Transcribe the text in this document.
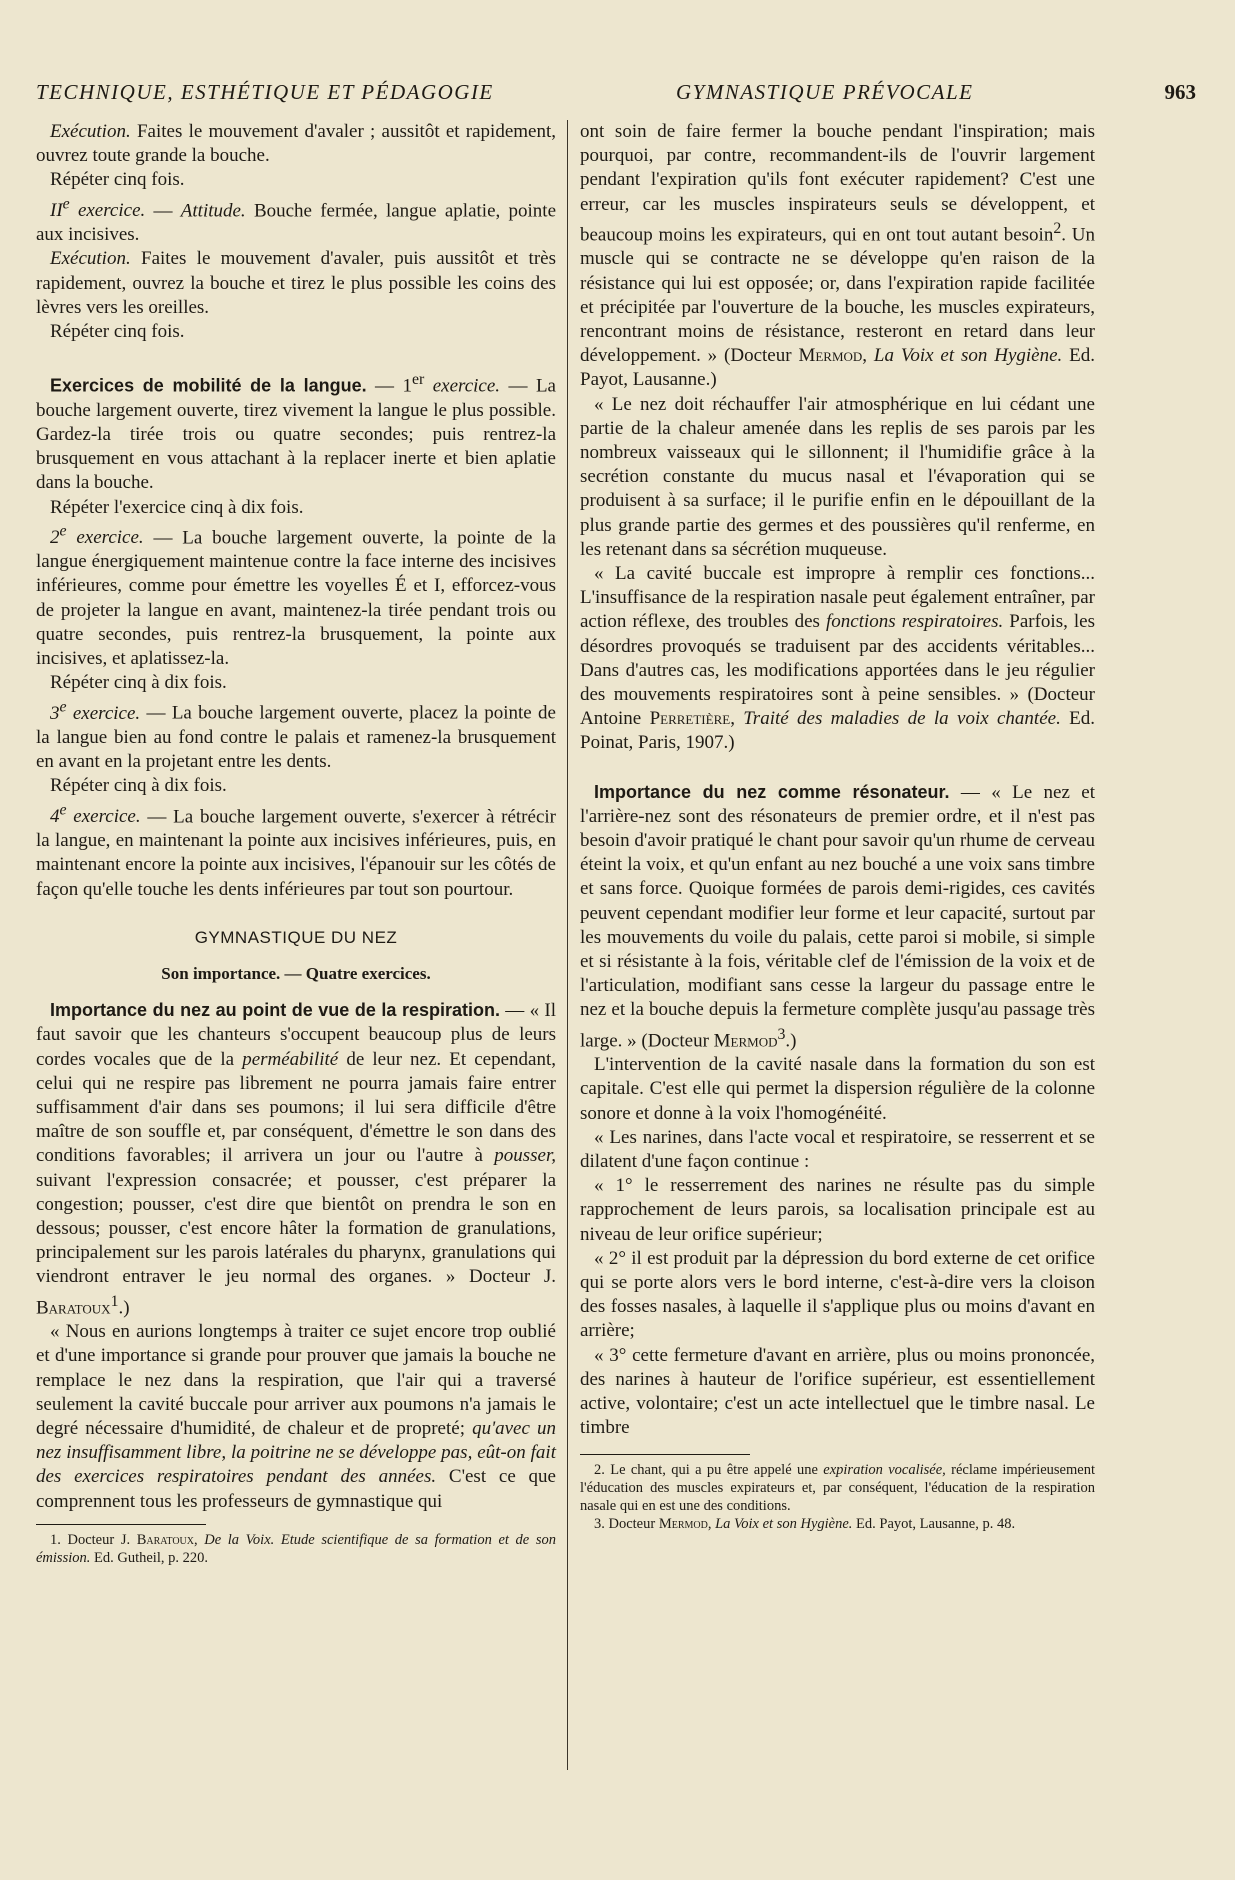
TECHNIQUE, ESTHÉTIQUE ET PÉDAGOGIE	GYMNASTIQUE PRÉVOCALE	963

Exécution. Faites le mouvement d'avaler ; aussitôt et rapidement, ouvrez toute grande la bouche.

Répéter cinq fois.

IIe exercice. — Attitude. Bouche fermée, langue aplatie, pointe aux incisives.

Exécution. Faites le mouvement d'avaler, puis aussitôt et très rapidement, ouvrez la bouche et tirez le plus possible les coins des lèvres vers les oreilles.

Répéter cinq fois.

Exercices de mobilité de la langue. — 1er exercice. — La bouche largement ouverte, tirez vivement la langue le plus possible. Gardez-la tirée trois ou quatre secondes; puis rentrez-la brusquement en vous attachant à la replacer inerte et bien aplatie dans la bouche.

Répéter l'exercice cinq à dix fois.

2e exercice. — La bouche largement ouverte, la pointe de la langue énergiquement maintenue contre la face interne des incisives inférieures, comme pour émettre les voyelles É et I, efforcez-vous de projeter la langue en avant, maintenez-la tirée pendant trois ou quatre secondes, puis rentrez-la brusquement, la pointe aux incisives, et aplatissez-la.

Répéter cinq à dix fois.

3e exercice. — La bouche largement ouverte, placez la pointe de la langue bien au fond contre le palais et ramenez-la brusquement en avant en la projetant entre les dents.

Répéter cinq à dix fois.

4e exercice. — La bouche largement ouverte, s'exercer à rétrécir la langue, en maintenant la pointe aux incisives inférieures, puis, en maintenant encore la pointe aux incisives, l'épanouir sur les côtés de façon qu'elle touche les dents inférieures par tout son pourtour.

GYMNASTIQUE DU NEZ

Son importance. — Quatre exercices.

Importance du nez au point de vue de la respiration. — « Il faut savoir que les chanteurs s'occupent beaucoup plus de leurs cordes vocales que de la perméabilité de leur nez. Et cependant, celui qui ne respire pas librement ne pourra jamais faire entrer suffisamment d'air dans ses poumons; il lui sera difficile d'être maître de son souffle et, par conséquent, d'émettre le son dans des conditions favorables; il arrivera un jour ou l'autre à pousser, suivant l'expression consacrée; et pousser, c'est préparer la congestion; pousser, c'est dire que bientôt on prendra le son en dessous; pousser, c'est encore hâter la formation de granulations, principalement sur les parois latérales du pharynx, granulations qui viendront entraver le jeu normal des organes. » Docteur J. Baratoux$^1$.)

« Nous en aurions longtemps à traiter ce sujet encore trop oublié et d'une importance si grande pour prouver que jamais la bouche ne remplace le nez dans la respiration, que l'air qui a traversé seulement la cavité buccale pour arriver aux poumons n'a jamais le degré nécessaire d'humidité, de chaleur et de propreté; qu'avec un nez insuffisamment libre, la poitrine ne se développe pas, eût-on fait des exercices respiratoires pendant des années. C'est ce que comprennent tous les professeurs de gymnastique qui

1. Docteur J. Baratoux, De la Voix. Etude scientifique de sa formation et de son émission. Ed. Gutheil, p. 220.

ont soin de faire fermer la bouche pendant l'inspiration; mais pourquoi, par contre, recommandent-ils de l'ouvrir largement pendant l'expiration qu'ils font exécuter rapidement? C'est une erreur, car les muscles inspirateurs seuls se développent, et beaucoup moins les expirateurs, qui en ont tout autant besoin$^2$. Un muscle qui se contracte ne se développe qu'en raison de la résistance qui lui est opposée; or, dans l'expiration rapide facilitée et précipitée par l'ouverture de la bouche, les muscles expirateurs, rencontrant moins de résistance, resteront en retard dans leur développement. » (Docteur Mermod, La Voix et son Hygiène. Ed. Payot, Lausanne.)

« Le nez doit réchauffer l'air atmosphérique en lui cédant une partie de la chaleur amenée dans les replis de ses parois par les nombreux vaisseaux qui le sillonnent; il l'humidifie grâce à la secrétion constante du mucus nasal et l'évaporation qui se produisent à sa surface; il le purifie enfin en le dépouillant de la plus grande partie des germes et des poussières qu'il renferme, en les retenant dans sa sécrétion muqueuse.

« La cavité buccale est impropre à remplir ces fonctions... L'insuffisance de la respiration nasale peut également entraîner, par action réflexe, des troubles des fonctions respiratoires. Parfois, les désordres provoqués se traduisent par des accidents véritables... Dans d'autres cas, les modifications apportées dans le jeu régulier des mouvements respiratoires sont à peine sensibles. » (Docteur Antoine Perretière, Traité des maladies de la voix chantée. Ed. Poinat, Paris, 1907.)

Importance du nez comme résonateur. — « Le nez et l'arrière-nez sont des résonateurs de premier ordre, et il n'est pas besoin d'avoir pratiqué le chant pour savoir qu'un rhume de cerveau éteint la voix, et qu'un enfant au nez bouché a une voix sans timbre et sans force. Quoique formées de parois demi-rigides, ces cavités peuvent cependant modifier leur forme et leur capacité, surtout par les mouvements du voile du palais, cette paroi si mobile, si simple et si résistante à la fois, véritable clef de l'émission de la voix et de l'articulation, modifiant sans cesse la largeur du passage entre le nez et la bouche depuis la fermeture complète jusqu'au passage très large. » (Docteur Mermod$^3$.)

L'intervention de la cavité nasale dans la formation du son est capitale. C'est elle qui permet la dispersion régulière de la colonne sonore et donne à la voix l'homogénéité.

« Les narines, dans l'acte vocal et respiratoire, se resserrent et se dilatent d'une façon continue :

« 1° le resserrement des narines ne résulte pas du simple rapprochement de leurs parois, sa localisation principale est au niveau de leur orifice supérieur;

« 2° il est produit par la dépression du bord externe de cet orifice qui se porte alors vers le bord interne, c'est-à-dire vers la cloison des fosses nasales, à laquelle il s'applique plus ou moins d'avant en arrière;

« 3° cette fermeture d'avant en arrière, plus ou moins prononcée, des narines à hauteur de l'orifice supérieur, est essentiellement active, volontaire; c'est un acte intellectuel que le timbre nasal. Le timbre

2. Le chant, qui a pu être appelé une expiration vocalisée, réclame impérieusement l'éducation des muscles expirateurs et, par conséquent, l'éducation de la respiration nasale qui en est une des conditions.

3. Docteur Mermod, La Voix et son Hygiène. Ed. Payot, Lausanne, p. 48.
